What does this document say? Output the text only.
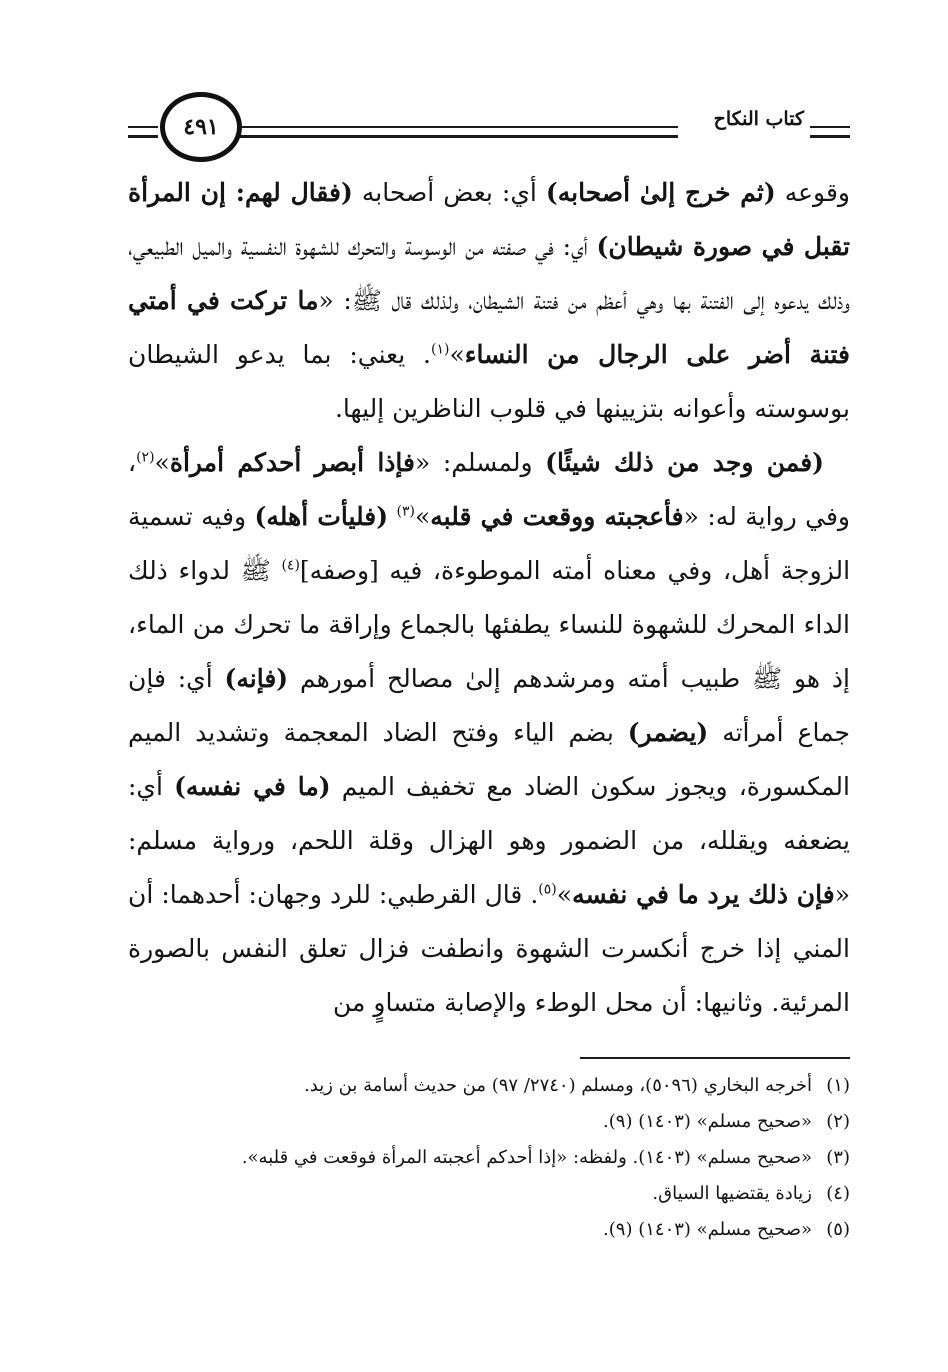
كتاب النكاح
٤٩١

وقوعه (ثم خرج إلىٰ أصحابه) أي: بعض أصحابه (فقال لهم: إن المرأة تقبل في صورة شيطان) أي: في صفته من الوسوسة والتحرك للشهوة النفسية والميل الطبيعي، وذلك يدعوه إلى الفتنة بها وهي أعظم من فتنة الشيطان، ولذلك قال ﷺ: «ما تركت في أمتي فتنة أضر على الرجال من النساء»$^{(١)}$. يعني: بما يدعو الشيطان بوسوسته وأعوانه بتزيينها في قلوب الناظرين إليها.

(فمن وجد من ذلك شيئًا) ولمسلم: «فإذا أبصر أحدكم أمرأة»$^{(٢)}$، وفي رواية له: «فأعجبته ووقعت في قلبه»$^{(٣)}$ (فليأت أهله) وفيه تسمية الزوجة أهل، وفي معناه أمته الموطوءة، فيه [وصفه]$^{(٤)}$ ﷺ لدواء ذلك الداء المحرك للشهوة للنساء يطفئها بالجماع وإراقة ما تحرك من الماء، إذ هو ﷺ طبيب أمته ومرشدهم إلىٰ مصالح أمورهم (فإنه) أي: فإن جماع أمرأته (يضمر) بضم الياء وفتح الضاد المعجمة وتشديد الميم المكسورة، ويجوز سكون الضاد مع تخفيف الميم (ما في نفسه) أي: يضعفه ويقلله، من الضمور وهو الهزال وقلة اللحم، ورواية مسلم: «فإن ذلك يرد ما في نفسه»$^{(٥)}$. قال القرطبي: للرد وجهان: أحدهما: أن المني إذا خرج أنكسرت الشهوة وانطفت فزال تعلق النفس بالصورة المرئية. وثانيها: أن محل الوطء والإصابة متساوٍ من

(١)أخرجه البخاري (٥٠٩٦)، ومسلم (٢٧٤٠/ ٩٧) من حديث أسامة بن زيد.
(٢)«صحيح مسلم» (١٤٠٣) (٩).
(٣)«صحيح مسلم» (١٤٠٣). ولفظه: «إذا أحدكم أعجبته المرأة فوقعت في قلبه».
(٤)زيادة يقتضيها السياق.
(٥)«صحيح مسلم» (١٤٠٣) (٩).
